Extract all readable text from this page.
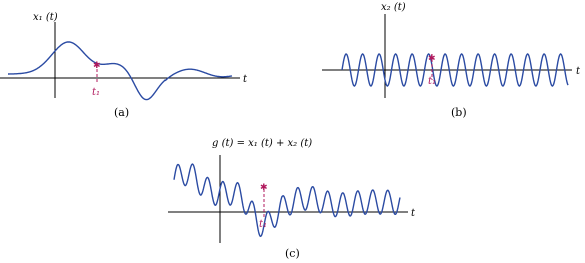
✱
x₁ (t)
t
t₁
(a)
✱
x₂ (t)
t
t₁
(b)
✱
g (t) = x₁ (t) + x₂ (t)
t
t₁
(c)
